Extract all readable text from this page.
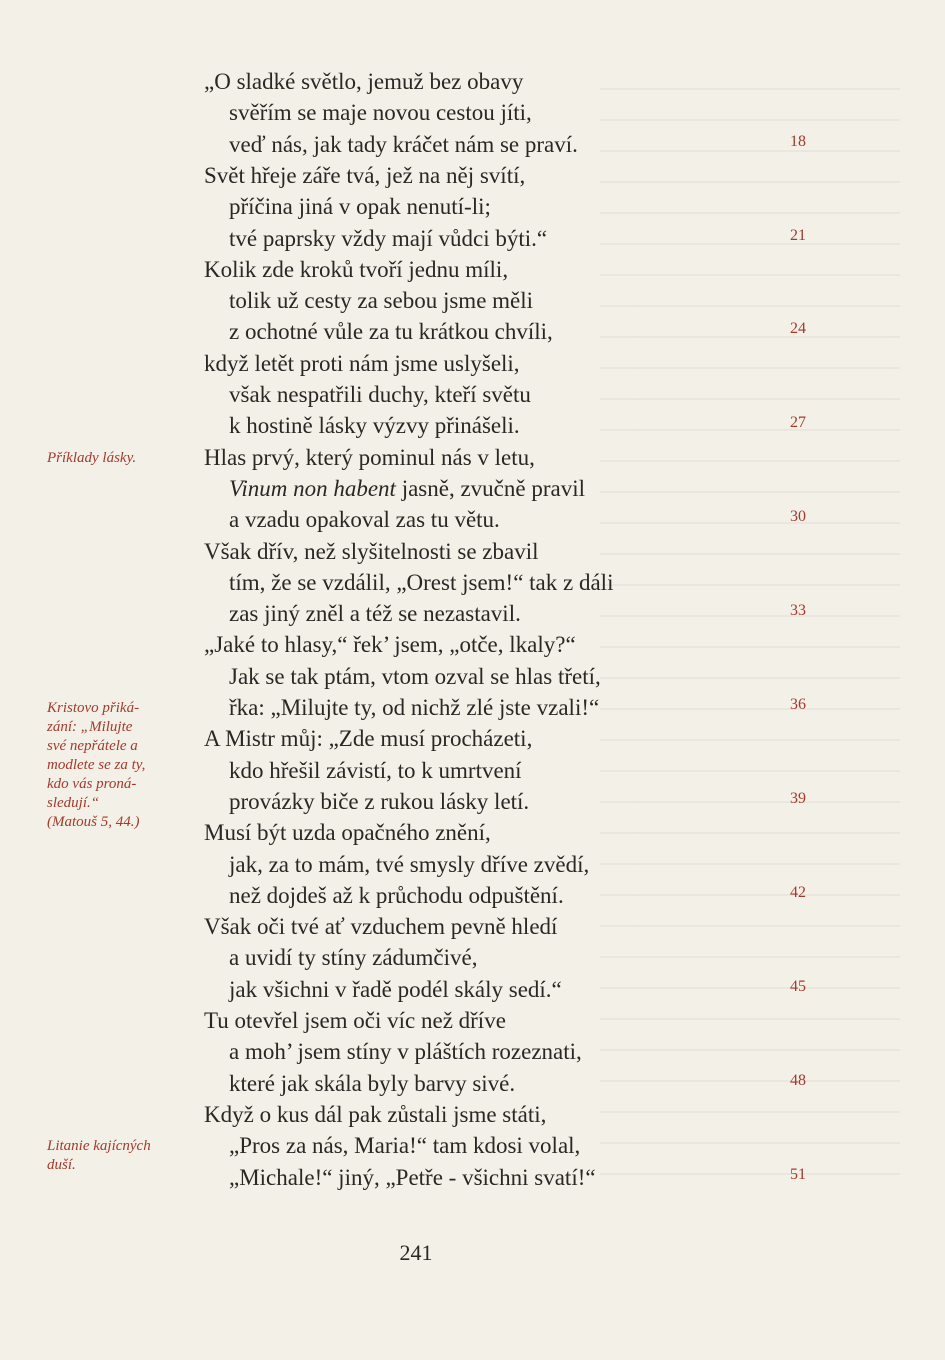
„O sladké světlo, jemuž bez obavy
svěřím se maje novou cestou jíti,
veď nás, jak tady kráčet nám se praví.
Svět hřeje záře tvá, jež na něj svítí,
příčina jiná v opak nenutí-li;
tvé paprsky vždy mají vůdci býti.“
Kolik zde kroků tvoří jednu míli,
tolik už cesty za sebou jsme měli
z ochotné vůle za tu krátkou chvíli,
když letět proti nám jsme uslyšeli,
však nespatřili duchy, kteří světu
k hostině lásky výzvy přinášeli.
Hlas prvý, který pominul nás v letu,
Vinum non habent jasně, zvučně pravil
a vzadu opakoval zas tu větu.
Však dřív, než slyšitelnosti se zbavil
tím, že se vzdálil, „Orest jsem!“ tak z dáli
zas jiný zněl a též se nezastavil.
„Jaké to hlasy,“ řek’ jsem, „otče, lkaly?“
Jak se tak ptám, vtom ozval se hlas třetí,
řka: „Milujte ty, od nichž zlé jste vzali!“
A Mistr můj: „Zde musí procházeti,
kdo hřešil závistí, to k umrtvení
provázky biče z rukou lásky letí.
Musí být uzda opačného znění,
jak, za to mám, tvé smysly dříve zvědí,
než dojdeš až k průchodu odpuštění.
Však oči tvé ať vzduchem pevně hledí
a uvidí ty stíny zádumčivé,
jak všichni v řadě podél skály sedí.“
Tu otevřel jsem oči víc než dříve
a moh’ jsem stíny v pláštích rozeznati,
které jak skála byly barvy sivé.
Když o kus dál pak zůstali jsme státi,
„Pros za nás, Maria!“ tam kdosi volal,
„Michale!“ jiný, „Petře - všichni svatí!“
18
21
24
27
30
33
36
39
42
45
48
51
Příklady lásky.
Kristovo přiká-
zání: „Milujte
své nepřátele a
modlete se za ty,
kdo vás proná-
sledují.“
(Matouš 5, 44.)
Litanie kajícných
duší.
241
